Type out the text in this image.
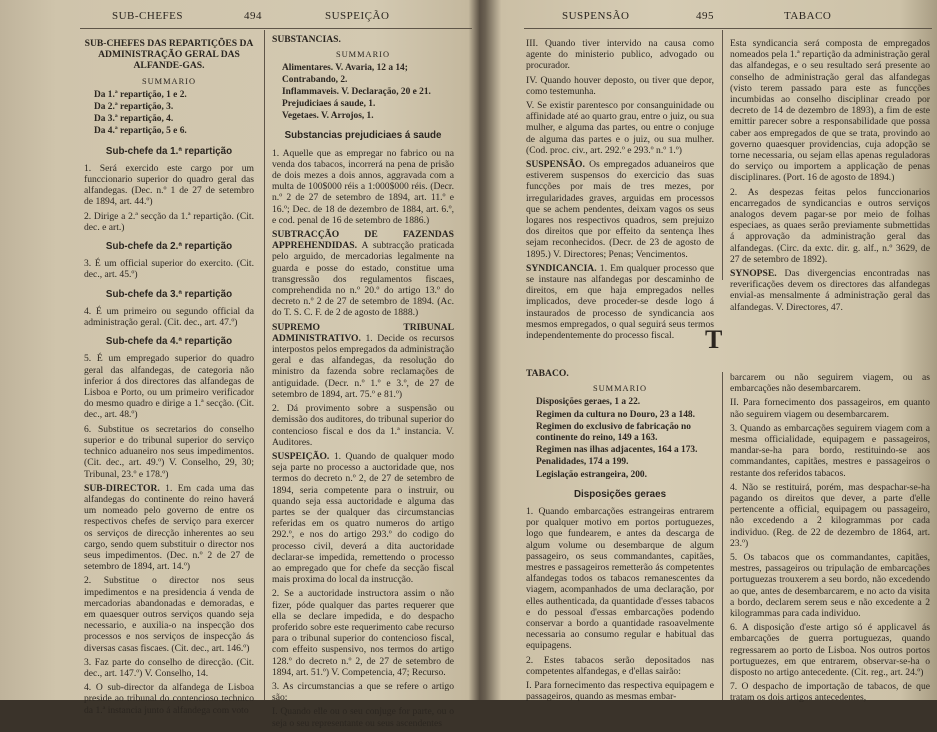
SUB-CHEFES	494	SUSPEIÇÃO

SUB-CHEFES DAS REPARTIÇÕES DA ADMINISTRAÇÃO GERAL DAS ALFANDE-GAS.

SUMMARIO
Da 1.ª repartição, 1 e 2.
Da 2.ª repartição, 3.
Da 3.ª repartição, 4.
Da 4.ª repartição, 5 e 6.
Sub-chefe da 1.ª repartição

1. Será exercido este cargo por um funccionario superior do quadro geral das alfandegas. (Dec. n.º 1 de 27 de setembro de 1894, art. 44.º)

2. Dirige a 2.ª secção da 1.ª repartição. (Cit. dec. e art.)

Sub-chefe da 2.ª repartição

3. É um official superior do exercito. (Cit. dec., art. 45.º)

Sub-chefe da 3.ª repartição

4. É um primeiro ou segundo official da administração geral. (Cit. dec., art. 47.º)

Sub-chefe da 4.ª repartição

5. É um empregado superior do quadro geral das alfandegas, de categoria não inferior á dos directores das alfandegas de Lisboa e Porto, ou um primeiro verificador do mesmo quadro e dirige a 1.ª secção. (Cit. dec., art. 48.º)

6. Substitue os secretarios do conselho superior e do tribunal superior do serviço technico aduaneiro nos seus impedimentos. (Cit. dec., art. 49.º) V. Conselho, 29, 30; Tribunal, 23.º e 178.º)

SUB-DIRECTOR. 1. Em cada uma das alfandegas do continente do reino haverá um nomeado pelo governo de entre os respectivos chefes de serviço para exercer os serviços de direcção inherentes ao seu cargo, sendo quem substituir o director nos seus impedimentos. (Dec. n.º 2 de 27 de setembro de 1894, art. 14.º)

2. Substitue o director nos seus impedimentos e na presidencia á venda de mercadorias abandonadas e demoradas, e em quaesquer outros serviços quando seja necessario, e auxilia-o na inspecção dos processos e nos serviços de inspecção ás diversas casas fiscaes. (Cit. dec., art. 146.º)

3. Faz parte do conselho de direcção. (Cit. dec., art. 147.º) V. Conselho, 14.

4. O sub-director da alfandega de Lisboa preside ao tribunal do contencioso technico da 1.ª instancia junto á alfandega com voto

SUBSTANCIAS.

SUMMARIO
Alimentares. V. Avaria, 12 a 14; Contrabando, 2.
Inflammaveis. V. Declaração, 20 e 21.
Prejudiciaes á saude, 1.
Vegetaes. V. Arrojos, 1.
Substancias prejudiciaes á saude

1. Aquelle que as empregar no fabrico ou na venda dos tabacos, incorrerá na pena de prisão de dois mezes a dois annos, aggravada com a multa de 100$000 réis a 1:000$000 réis. (Decr. n.º 2 de 27 de setembro de 1894, art. 11.º e 16.º; Dec. de 18 de dezembro de 1884, art. 6.º, e cod. penal de 16 de setembro de 1886.)

SUBTRACÇÃO DE FAZENDAS APPREHENDIDAS. A subtracção praticada pelo arguido, de mercadorias legalmente na guarda e posse do estado, constitue uma transgressão dos regulamentos fiscaes, comprehendida no n.º 20.º do artigo 13.º do decreto n.º 2 de 27 de setembro de 1894. (Ac. do T. S. C. F. de 2 de agosto de 1888.)

SUPREMO TRIBUNAL ADMINISTRATIVO. 1. Decide os recursos interpostos pelos empregados da administração geral e das alfandegas, da resolução do ministro da fazenda sobre reclamações de antiguidade. (Decr. n.º 1.º e 3.º, de 27 de setembro de 1894, art. 75.º e 81.º)

2. Dá provimento sobre a suspensão ou demissão dos auditores, do tribunal superior do contencioso fiscal e dos da 1.ª instancia. V. Auditores.

SUSPEIÇÃO. 1. Quando de qualquer modo seja parte no processo a auctoridade que, nos termos do decreto n.º 2, de 27 de setembro de 1894, seria competente para o instruir, ou quando seja essa auctoridade e alguma das partes se der qualquer das circumstancias referidas em os quatro numeros do artigo 292.º, e nos do artigo 293.º do codigo do processo civil, deverá a dita auctoridade declarar-se impedida, remettendo o processo ao empregado que for chefe da secção fiscal mais proxima do local da instrucção.

2. Se a auctoridade instructora assim o não fizer, póde qualquer das partes requerer que ella se declare impedida, e do despacho proferido sobre este requerimento cabe recurso para o tribunal superior do contencioso fiscal, com effeito suspensivo, nos termos do artigo 128.º do decreto n.º 2, de 27 de setembro de 1894, art. 51.º) V. Competencia, 47; Recurso.

3. As circumstancias a que se refere o artigo são:

I. Quando elle ou o seu conjuge for parte, ou o seja o seu representante ou seus ascendentes

SUSPENSÃO	495	TABACO

III. Quando tiver intervido na causa como agente do ministerio publico, advogado ou procurador.

IV. Quando houver deposto, ou tiver que depor, como testemunha.

V. Se existir parentesco por consanguinidade ou affinidade até ao quarto grau, entre o juiz, ou sua mulher, e alguma das partes, ou entre o conjuge de alguma das partes e o juiz, ou sua mulher. (Cod. proc. civ., art. 292.º e 293.º n.º 1.º)

SUSPENSÃO. Os empregados aduaneiros que estiverem suspensos do exercicio das suas funcções por mais de tres mezes, por irregularidades graves, arguidas em processos que se achem pendentes, deixam vagos os seus logares nos respectivos quadros, sem prejuizo dos direitos que por effeito da sentença lhes sejam reconhecidos. (Decr. de 23 de agosto de 1895.) V. Directores; Penas; Vencimentos.

SYNDICANCIA. 1. Em qualquer processo que se instaure nas alfandegas por descaminho de direitos, em que haja empregados nelles implicados, deve proceder-se desde logo á instaurados de processo de syndicancia aos mesmos empregados, o qual seguirá seus termos independentemente do processo fiscal.

Esta syndicancia será composta de empregados nomeados pela 1.ª repartição da administração geral das alfandegas, e o seu resultado será presente ao conselho de administração geral das alfandegas (visto terem passado para este as funcções incumbidas ao conselho disciplinar creado por decreto de 14 de dezembro de 1893), a fim de este emittir parecer sobre a responsabilidade que possa caber aos empregados de que se trata, provindo ao governo quaesquer providencias, cuja adopção se torne necessaria, ou sejam ellas apenas reguladoras do serviço ou importem a applicação de penas disciplinares. (Port. 16 de agosto de 1894.)

2. As despezas feitas pelos funccionarios encarregados de syndicancias e outros serviços analogos devem pagar-se por meio de folhas especiaes, as quaes serão previamente submettidas á approvação da administração geral das alfandegas. (Circ. da extc. dir. g. alf., n.º 3629, de 27 de setembro de 1892).

SYNOPSE. Das divergencias encontradas nas reverificações devem os directores das alfandegas envial-as mensalmente á administração geral das alfandegas. V. Directores, 47.

T

TABACO.

SUMMARIO
Disposições geraes, 1 a 22.
Regimen da cultura no Douro, 23 a 148.
Regimen do exclusivo de fabricação no continente do reino, 149 a 163.
Regimen nas ilhas adjacentes, 164 a 173.
Penalidades, 174 a 199.
Legislação estrangeira, 200.
Disposições geraes

1. Quando embarcações estrangeiras entrarem por qualquer motivo em portos portuguezes, logo que fundearem, e antes da descarga de algum volume ou desembarque de algum passageiro, os seus commandantes, capitães, mestres e passageiros remetterão ás competentes alfandegas todos os tabacos remanescentes da viagem, acompanhados de uma declaração, por elles authenticada, da quantidade d'esses tabacos e do pessoal d'essas embarcações podendo conservar a bordo a quantidade rasoavelmente necessaria ao consumo regular e habitual das equipagens.

2. Estes tabacos serão depositados nas competentes alfandegas, e d'ellas sairão:

I. Para fornecimento das respectiva equipagem e passageiros, quando as mesmas embar-

barcarem ou não seguirem viagem, ou as embarcações não desembarcarem.

II. Para fornecimento dos passageiros, em quanto não seguirem viagem ou desembarcarem.

3. Quando as embarcações seguirem viagem com a mesma officialidade, equipagem e passageiros, mandar-se-ha para bordo, restituindo-se aos commandantes, capitães, mestres e passageiros o restante dos referidos tabacos.

4. Não se restituirá, porém, mas despachar-se-ha pagando os direitos que dever, a parte d'elle pertencente a official, equipagem ou passageiro, não excedendo a 2 kilogrammas por cada individuo. (Reg. de 22 de dezembro de 1864, art. 23.º)

5. Os tabacos que os commandantes, capitães, mestres, passageiros ou tripulação de embarcações portuguezas trouxerem a seu bordo, não excedendo ao que, antes de desembarcarem, e no acto da visita a bordo, declarem serem seus e não excedente a 2 kilogrammas para cada individuo.

6. A disposição d'este artigo só é applicavel ás embarcações de guerra portuguezas, quando regressarem ao porto de Lisboa. Nos outros portos portuguezes, em que entrarem, observar-se-ha o disposto no artigo antecedente. (Cit. reg., art. 24.º)

7. O despacho de importação de tabacos, de que tratam os dois artigos antecedentes,
